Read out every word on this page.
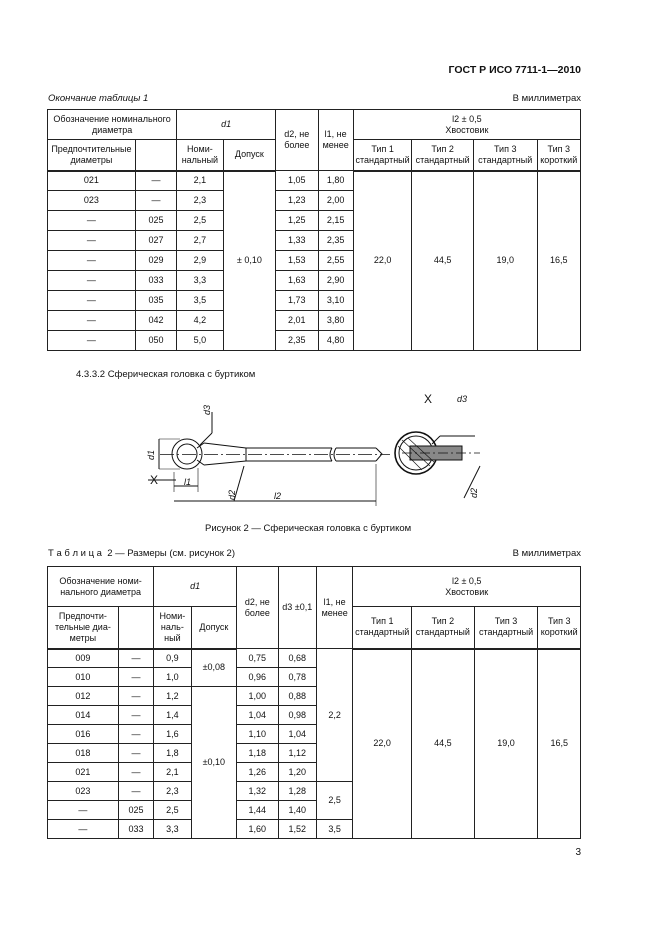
ГОСТ Р ИСО 7711-1—2010
Окончание таблицы 1	В миллиметрах
Обозначение номинального диаметра		d1		d2, не более	l1, не менее	l2 ± 0,5
Хвостовик			

Предпочтительные диаметры		Номи-нальный	Допуск			Тип 1 стандартный	Тип 2 стандартный	Тип 3 стандартный	Тип 3 короткий
021	—	2,1	± 0,10	1,05	1,80	22,0	44,5	19,0	16,5
023	—	2,3		1,23	2,00				
—	025	2,5		1,25	2,15				
—	027	2,7		1,33	2,35				
—	029	2,9		1,53	2,55				
—	033	3,3		1,63	2,90				
—	035	3,5		1,73	3,10				
—	042	4,2		2,01	3,80				
—	050	5,0		2,35	4,80				
4.3.3.2 Сферическая головка с буртиком
X
X
d1
d3
d2
l1
l2
d3
d2
Рисунок 2 — Сферическая головка с буртиком
Т а б л и ц а  2 — Размеры (см. рисунок 2)	В миллиметрах
Обозначение номи-нального диаметра		d1		d2, не более	d3 ±0,1	l1, не менее	l2 ± 0,5
Хвостовик			

Предпочти-тельные диа-метры		Номи-наль-ный	Допуск				Тип 1 стандартный	Тип 2 стандартный	Тип 3 стандартный	Тип 3 короткий
009	—	0,9	±0,08	0,75	0,68	2,2	22,0	44,5	19,0	16,5
010	—	1,0		0,96	0,78					
012	—	1,2	±0,10	1,00	0,88					
014	—	1,4		1,04	0,98					
016	—	1,6		1,10	1,04					
018	—	1,8		1,18	1,12					
021	—	2,1		1,26	1,20					
023	—	2,3		1,32	1,28	2,5				
—	025	2,5		1,44	1,40					
—	033	3,3		1,60	1,52	3,5				
3
